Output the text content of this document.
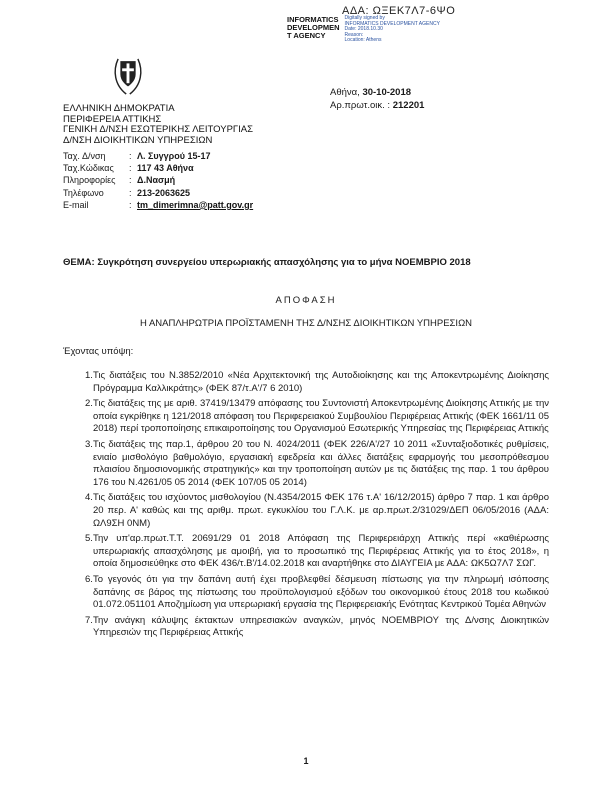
ΑΔΑ: ΩΞΕΚ7Λ7-6ΨΟ
INFORMATICS
DEVELOPMEN
T AGENCY
Digitally signed by
INFORMATICS DEVELOPMENT AGENCY
Date: 2018.10.30
Reason:
Location: Athens
ΕΛΛΗΝΙΚΗ ΔΗΜΟΚΡΑΤΙΑ
ΠΕΡΙΦΕΡΕΙΑ ΑΤΤΙΚΗΣ
ΓΕΝΙΚΗ Δ/ΝΣΗ ΕΣΩΤΕΡΙΚΗΣ ΛΕΙΤΟΥΡΓΙΑΣ
Δ/ΝΣΗ ΔΙΟΙΚΗΤΙΚΩΝ ΥΠΗΡΕΣΙΩΝ
Ταχ. Δ/νση	: Λ. Συγγρού 15-17
Ταχ.Κώδικας	: 117 43 Αθήνα
Πληροφορίες	: Δ.Νασμή
Τηλέφωνο	: 213-2063625
E-mail	: tm_dimerimna@patt.gov.gr
Αθήνα, 30-10-2018
Αρ.πρωτ.οικ. : 212201
ΘΕΜΑ: Συγκρότηση συνεργείου υπερωριακής απασχόλησης για το μήνα ΝΟΕΜΒΡΙΟ 2018
ΑΠΟΦΑΣΗ
Η ΑΝΑΠΛΗΡΩΤΡΙΑ ΠΡΟΪΣΤΑΜΕΝΗ ΤΗΣ Δ/ΝΣΗΣ ΔΙΟΙΚΗΤΙΚΩΝ ΥΠΗΡΕΣΙΩΝ
Έχοντας υπόψη:
1. Τις διατάξεις του Ν.3852/2010 «Νέα Αρχιτεκτονική της Αυτοδιοίκησης και της Αποκεντρωμένης Διοίκησης Πρόγραμμα Καλλικράτης» (ΦΕΚ 87/τ.Α'/7 6 2010)
2. Τις διατάξεις της με αριθ. 37419/13479 απόφασης του Συντονιστή Αποκεντρωμένης Διοίκησης Αττικής με την οποία εγκρίθηκε η 121/2018 απόφαση του Περιφερειακού Συμβουλίου Περιφέρειας Αττικής (ΦΕΚ 1661/11 05 2018) περί τροποποίησης επικαιροποίησης του Οργανισμού Εσωτερικής Υπηρεσίας της Περιφέρειας Αττικής
3. Τις διατάξεις της παρ.1, άρθρου 20 του Ν. 4024/2011 (ΦΕΚ 226/Α'/27 10 2011 «Συνταξιοδοτικές ρυθμίσεις, ενιαίο μισθολόγιο βαθμολόγιο, εργασιακή εφεδρεία και άλλες διατάξεις εφαρμογής του μεσοπρόθεσμου πλαισίου δημοσιονομικής στρατηγικής» και την τροποποίηση αυτών με τις διατάξεις της παρ. 1 του άρθρου 176 του Ν.4261/05 05 2014 (ΦΕΚ 107/05 05 2014)
4. Τις διατάξεις του ισχύοντος μισθολογίου (Ν.4354/2015 ΦΕΚ 176 τ.Α' 16/12/2015) άρθρο 7 παρ. 1 και άρθρο 20 περ. Α' καθώς και της αριθμ. πρωτ. εγκυκλίου του Γ.Λ.Κ. με αρ.πρωτ.2/31029/ΔΕΠ 06/05/2016 (ΑΔΑ: ΩΛ9ΣΗ 0ΝΜ)
5. Την υπ'αρ.πρωτ.Τ.Τ. 20691/29 01 2018 Απόφαση της Περιφερειάρχη Αττικής περί «καθιέρωσης υπερωριακής απασχόλησης με αμοιβή, για το προσωπικό της Περιφέρειας Αττικής για το έτος 2018», η οποία δημοσιεύθηκε στο ΦΕΚ 436/τ.Β'/14.02.2018 και αναρτήθηκε στο ΔΙΑΥΓΕΙΑ με ΑΔΑ: ΩΚ5Ω7Λ7 ΣΩΓ.
6. Το γεγονός ότι για την δαπάνη αυτή έχει προβλεφθεί δέσμευση πίστωσης για την πληρωμή ισόποσης δαπάνης σε βάρος της πίστωσης του προϋπολογισμού εξόδων του οικονομικού έτους 2018 του κωδικού 01.072.051101 Αποζημίωση για υπερωριακή εργασία της Περιφερειακής Ενότητας Κεντρικού Τομέα Αθηνών
7. Την ανάγκη κάλυψης έκτακτων υπηρεσιακών αναγκών, μηνός ΝΟΕΜΒΡΙΟΥ της Δ/νσης Διοικητικών Υπηρεσιών της Περιφέρειας Αττικής
1
